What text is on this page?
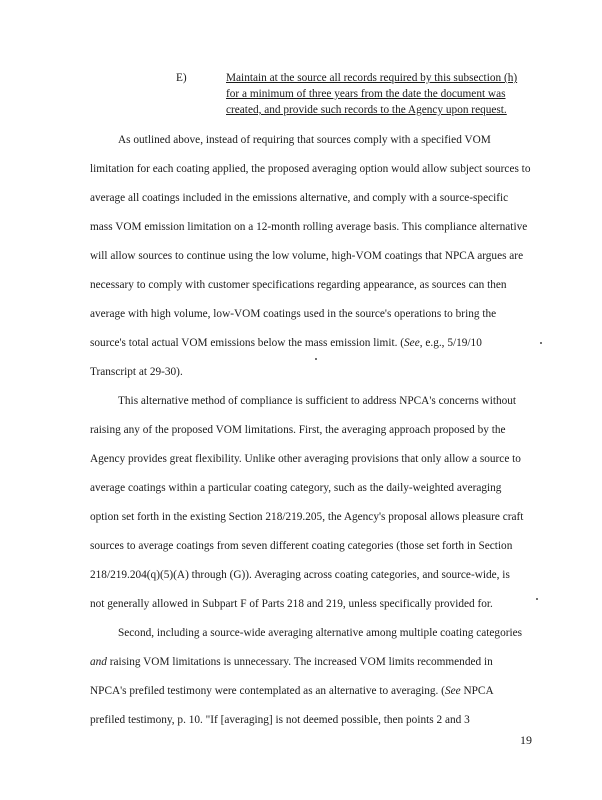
E)	Maintain at the source all records required by this subsection (h)
for a minimum of three years from the date the document was
created, and provide such records to the Agency upon request.
As outlined above, instead of requiring that sources comply with a specified VOM
limitation for each coating applied, the proposed averaging option would allow subject sources to
average all coatings included in the emissions alternative, and comply with a source-specific
mass VOM emission limitation on a 12-month rolling average basis. This compliance alternative
will allow sources to continue using the low volume, high-VOM coatings that NPCA argues are
necessary to comply with customer specifications regarding appearance, as sources can then
average with high volume, low-VOM coatings used in the source's operations to bring the
source's total actual VOM emissions below the mass emission limit. (See, e.g., 5/19/10
Transcript at 29-30).
This alternative method of compliance is sufficient to address NPCA's concerns without
raising any of the proposed VOM limitations. First, the averaging approach proposed by the
Agency provides great flexibility. Unlike other averaging provisions that only allow a source to
average coatings within a particular coating category, such as the daily-weighted averaging
option set forth in the existing Section 218/219.205, the Agency's proposal allows pleasure craft
sources to average coatings from seven different coating categories (those set forth in Section
218/219.204(q)(5)(A) through (G)). Averaging across coating categories, and source-wide, is
not generally allowed in Subpart F of Parts 218 and 219, unless specifically provided for.
Second, including a source-wide averaging alternative among multiple coating categories
and raising VOM limitations is unnecessary. The increased VOM limits recommended in
NPCA's prefiled testimony were contemplated as an alternative to averaging. (See NPCA
prefiled testimony, p. 10. "If [averaging] is not deemed possible, then points 2 and 3
19
